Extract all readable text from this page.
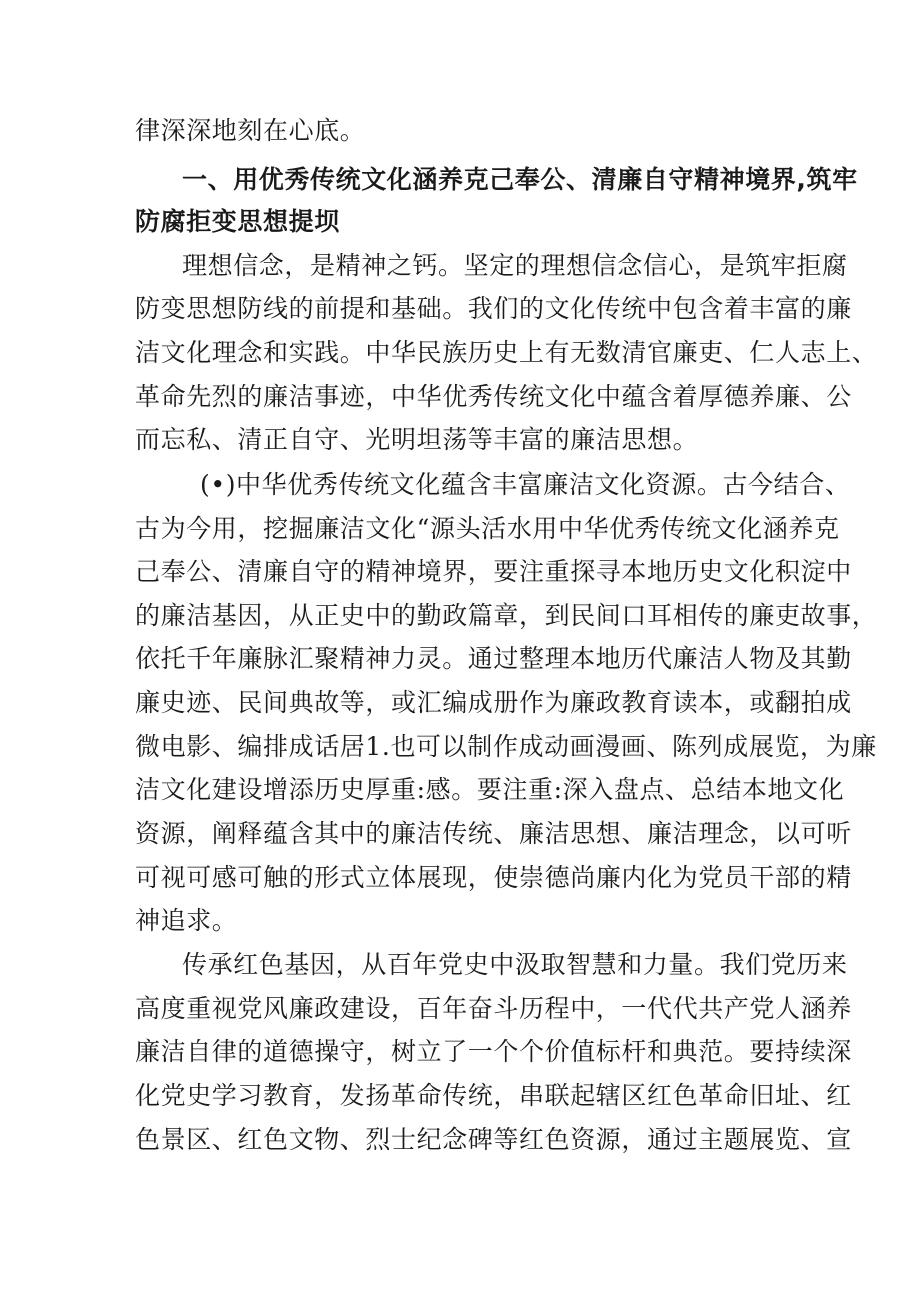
律深深地刻在心底。

一、用优秀传统文化涵养克己奉公、清廉自守精神境界,筑牢

防腐拒变思想提坝

理想信念，是精神之钙。坚定的理想信念信心，是筑牢拒腐

防变思想防线的前提和基础。我们的文化传统中包含着丰富的廉

洁文化理念和实践。中华民族历史上有无数清官廉吏、仁人志上、

革命先烈的廉洁事迹，中华优秀传统文化中蕴含着厚德养廉、公

而忘私、清正自守、光明坦荡等丰富的廉洁思想。

(•)中华优秀传统文化蕴含丰富廉洁文化资源。古今结合、

古为今用，挖掘廉洁文化“源头活水用中华优秀传统文化涵养克

己奉公、清廉自守的精神境界，要注重探寻本地历史文化积淀中

的廉洁基因，从正史中的勤政篇章，到民间口耳相传的廉吏故事，

依托千年廉脉汇聚精神力灵。通过整理本地历代廉洁人物及其勤

廉史迹、民间典故等，或汇编成册作为廉政教育读本，或翻拍成

微电影、编排成话居1.也可以制作成动画漫画、陈列成展览，为廉

洁文化建设增添历史厚重:感。要注重:深入盘点、总结本地文化

资源，阐释蕴含其中的廉洁传统、廉洁思想、廉洁理念，以可听

可视可感可触的形式立体展现，使崇德尚廉内化为党员干部的精

神追求。

传承红色基因，从百年党史中汲取智慧和力量。我们党历来

高度重视党风廉政建设，百年奋斗历程中，一代代共产党人涵养

廉洁自律的道德操守，树立了一个个价值标杆和典范。要持续深

化党史学习教育，发扬革命传统，串联起辖区红色革命旧址、红

色景区、红色文物、烈士纪念碑等红色资源，通过主题展览、宣
